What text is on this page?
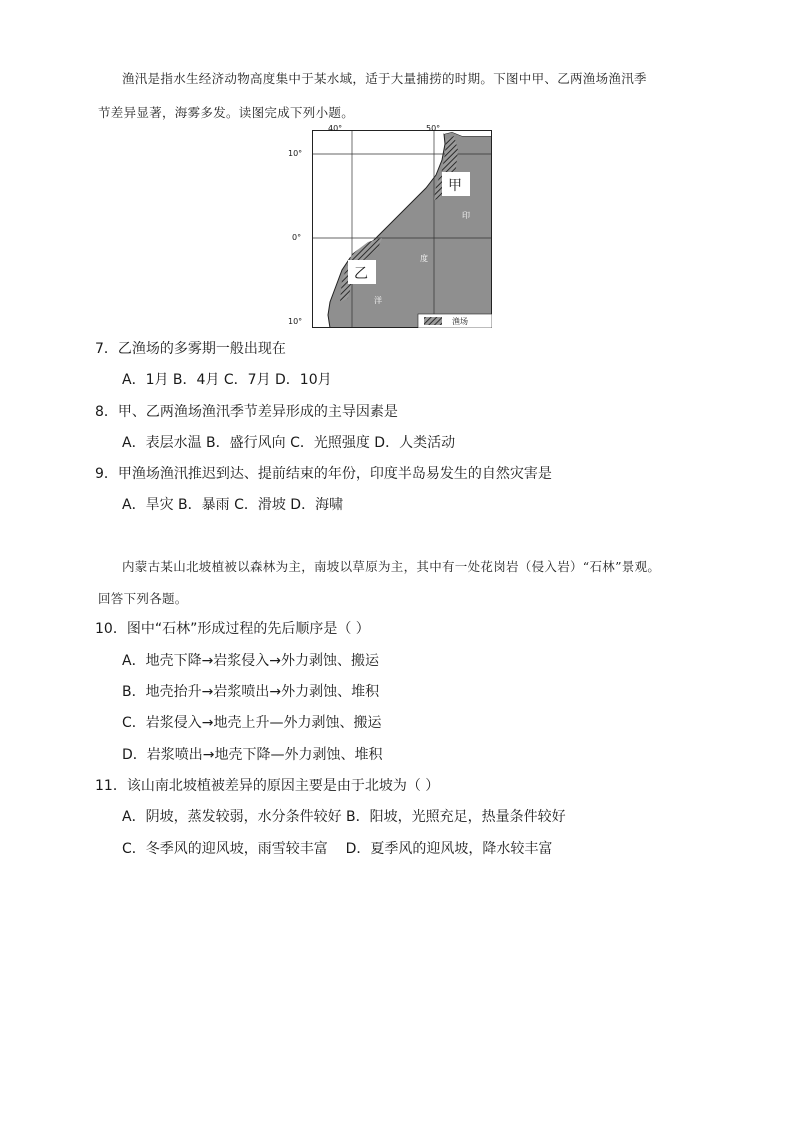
渔汛是指水生经济动物高度集中于某水域，适于大量捕捞的时期。下图中甲、乙两渔场渔汛季
节差异显著，海雾多发。读图完成下列小题。
40°	50°
10°
0°
10°
甲
乙
印
度
洋
渔场
7．乙渔场的多雾期一般出现在
A．1月 B．4月 C．7月 D．10月
8．甲、乙两渔场渔汛季节差异形成的主导因素是
A．表层水温 B．盛行风向 C．光照强度 D．人类活动
9．甲渔场渔汛推迟到达、提前结束的年份，印度半岛易发生的自然灾害是
A．旱灾 B．暴雨 C．滑坡 D．海啸
内蒙古某山北坡植被以森林为主，南坡以草原为主，其中有一处花岗岩（侵入岩）“石林”景观。
回答下列各题。
10．图中“石林”形成过程的先后顺序是（ ）
A．地壳下降→岩浆侵入→外力剥蚀、搬运
B．地壳抬升→岩浆喷出→外力剥蚀、堆积
C．岩浆侵入→地壳上升—外力剥蚀、搬运
D．岩浆喷出→地壳下降—外力剥蚀、堆积
11．该山南北坡植被差异的原因主要是由于北坡为（ ）
A．阴坡，蒸发较弱，水分条件较好 B．阳坡，光照充足，热量条件较好
C．冬季风的迎风坡，雨雪较丰富    D．夏季风的迎风坡，降水较丰富
